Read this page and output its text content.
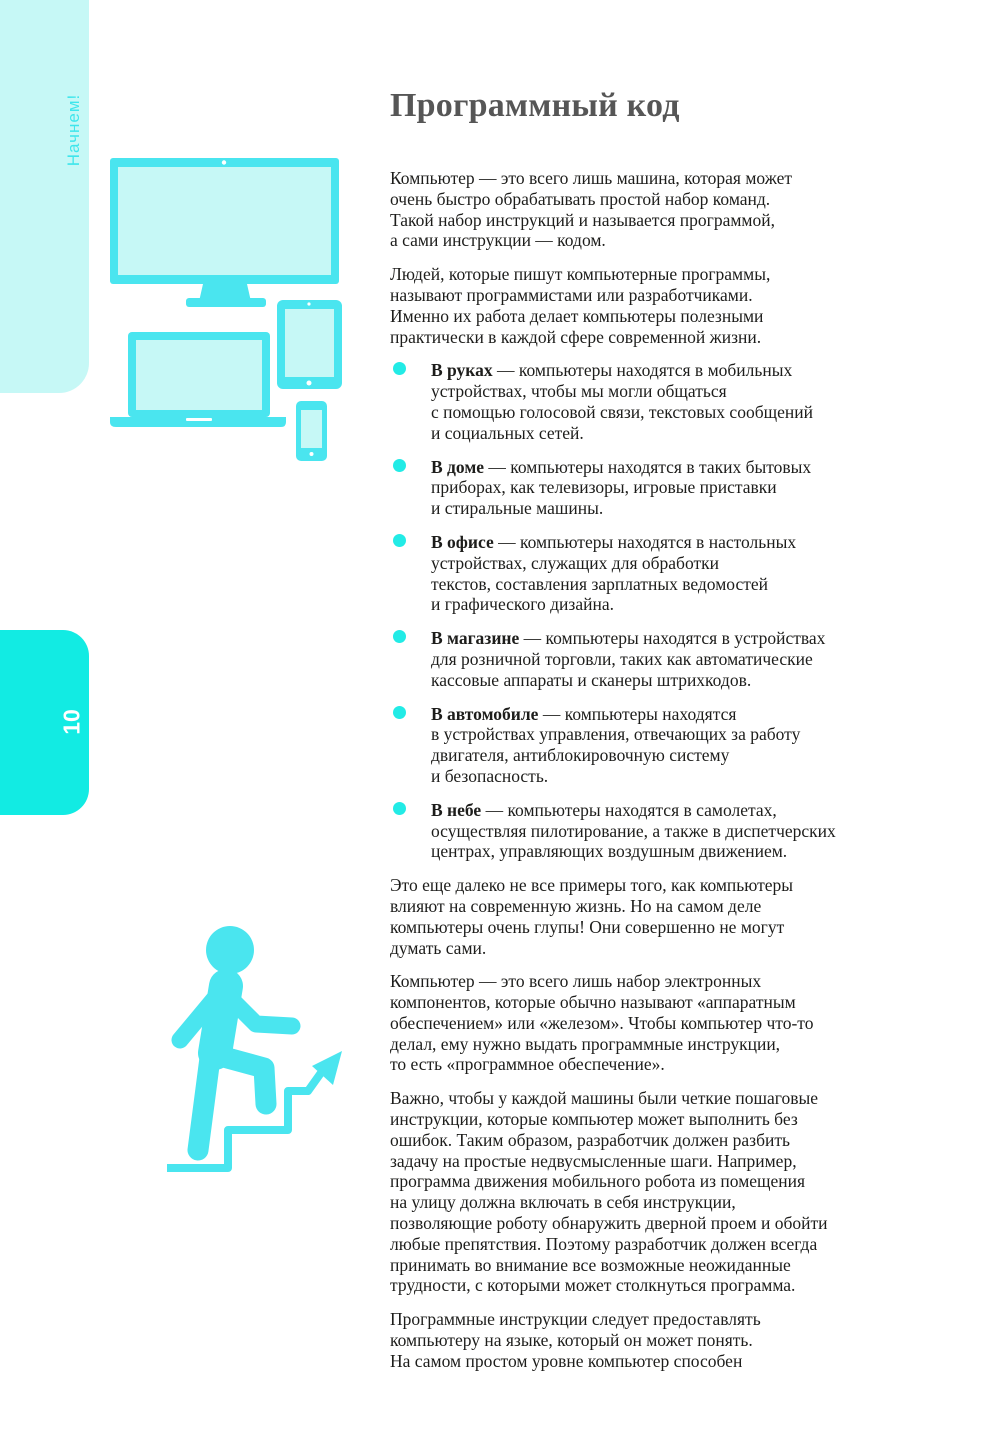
Начнем!
10
Программный код

Компьютер — это всего лишь машина, которая может
очень быстро обрабатывать простой набор команд.
Такой набор инструкций и называется программой,
а сами инструкции — кодом.

Людей, которые пишут компьютерные программы,
называют программистами или разработчиками.
Именно их работа делает компьютеры полезными
практически в каждой сфере современной жизни.

В руках — компьютеры находятся в мобильных
устройствах, чтобы мы могли общаться
с помощью голосовой связи, текстовых сообщений
и социальных сетей.
В доме — компьютеры находятся в таких бытовых
приборах, как телевизоры, игровые приставки
и стиральные машины.
В офисе — компьютеры находятся в настольных
устройствах, служащих для обработки
текстов, составления зарплатных ведомостей
и графического дизайна.
В магазине — компьютеры находятся в устройствах
для розничной торговли, таких как автоматические
кассовые аппараты и сканеры штрихкодов.
В автомобиле — компьютеры находятся
в устройствах управления, отвечающих за работу
двигателя, антиблокировочную систему
и безопасность.
В небе — компьютеры находятся в самолетах,
осуществляя пилотирование, а также в диспетчерских
центрах, управляющих воздушным движением.

Это еще далеко не все примеры того, как компьютеры
влияют на современную жизнь. Но на самом деле
компьютеры очень глупы! Они совершенно не могут
думать сами.

Компьютер — это всего лишь набор электронных
компонентов, которые обычно называют «аппаратным
обеспечением» или «железом». Чтобы компьютер что-то
делал, ему нужно выдать программные инструкции,
то есть «программное обеспечение».

Важно, чтобы у каждой машины были четкие пошаговые
инструкции, которые компьютер может выполнить без
ошибок. Таким образом, разработчик должен разбить
задачу на простые недвусмысленные шаги. Например,
программа движения мобильного робота из помещения
на улицу должна включать в себя инструкции,
позволяющие роботу обнаружить дверной проем и обойти
любые препятствия. Поэтому разработчик должен всегда
принимать во внимание все возможные неожиданные
трудности, с которыми может столкнуться программа.

Программные инструкции следует предоставлять
компьютеру на языке, который он может понять.
На самом простом уровне компьютер способен
